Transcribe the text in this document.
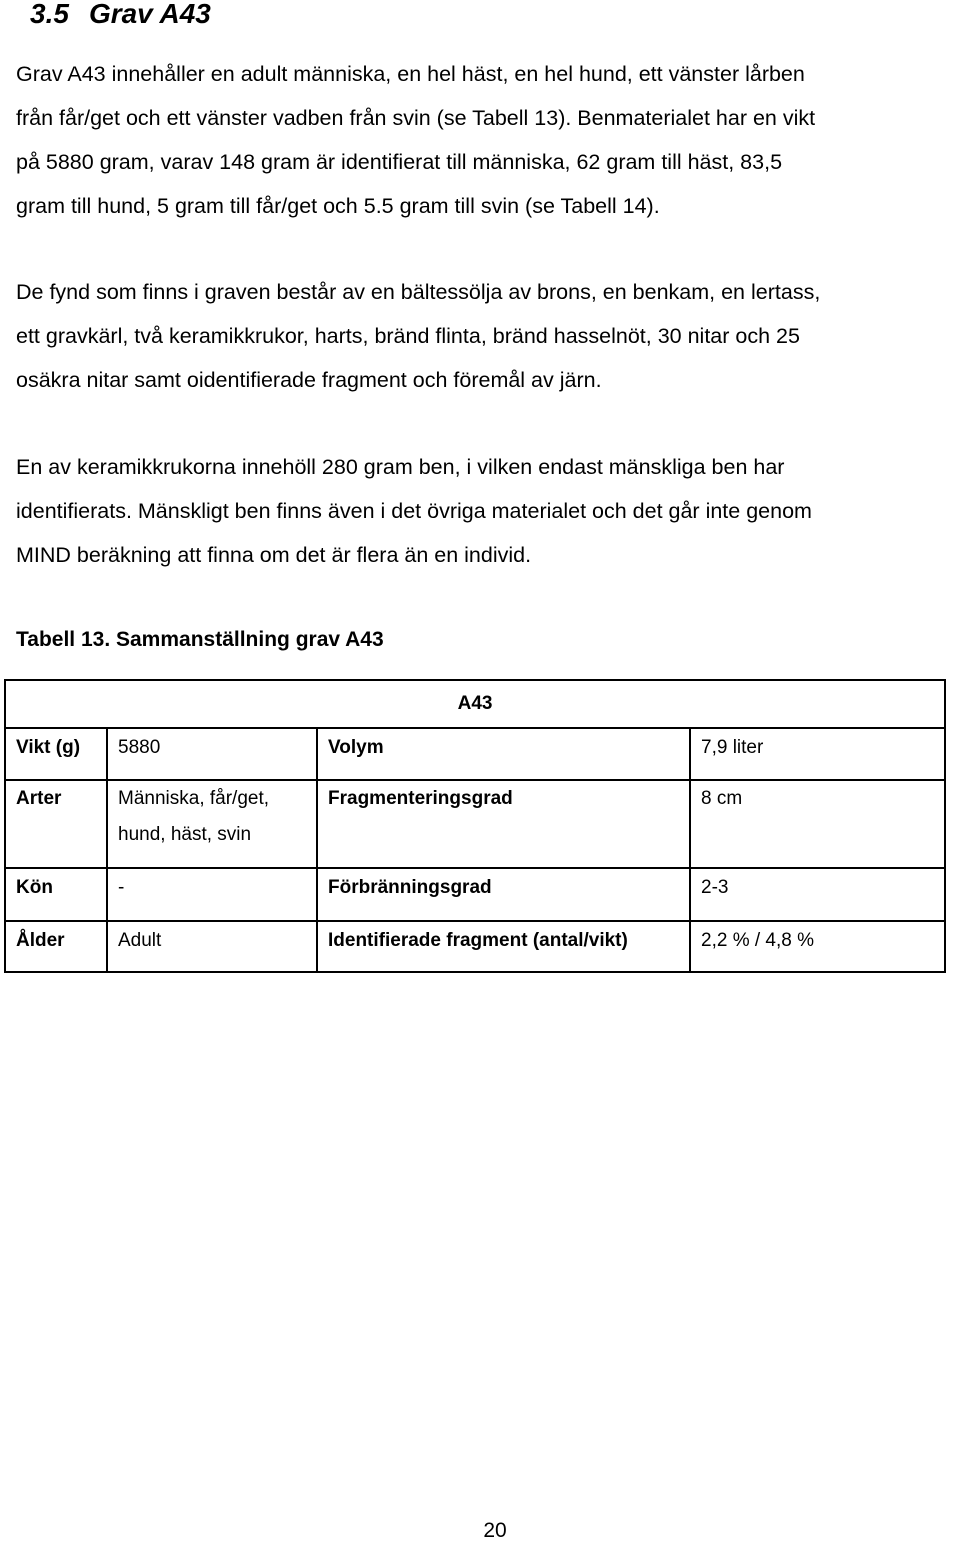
3.5 Grav A43

Grav A43 innehåller en adult människa, en hel häst, en hel hund, ett vänster lårben
från får/get och ett vänster vadben från svin (se Tabell 13). Benmaterialet har en vikt
på 5880 gram, varav 148 gram är identifierat till människa, 62 gram till häst, 83,5
gram till hund, 5 gram till får/get och 5.5 gram till svin (se Tabell 14).

De fynd som finns i graven består av en bältessölja av brons, en benkam, en lertass,
ett gravkärl, två keramikkrukor, harts, bränd flinta, bränd hasselnöt, 30 nitar och 25
osäkra nitar samt oidentifierade fragment och föremål av järn.

En av keramikkrukorna innehöll 280 gram ben, i vilken endast mänskliga ben har
identifierats. Mänskligt ben finns även i det övriga materialet och det går inte genom
MIND beräkning att finna om det är flera än en individ.

Tabell 13. Sammanställning grav A43

A43			
Vikt (g)	5880	Volym	7,9 liter
Arter	Människa, får/get,
hund, häst, svin	Fragmenteringsgrad	8 cm
Kön	-	Förbränningsgrad	2-3
Ålder	Adult	Identifierade fragment (antal/vikt)	2,2 % / 4,8 %
20
